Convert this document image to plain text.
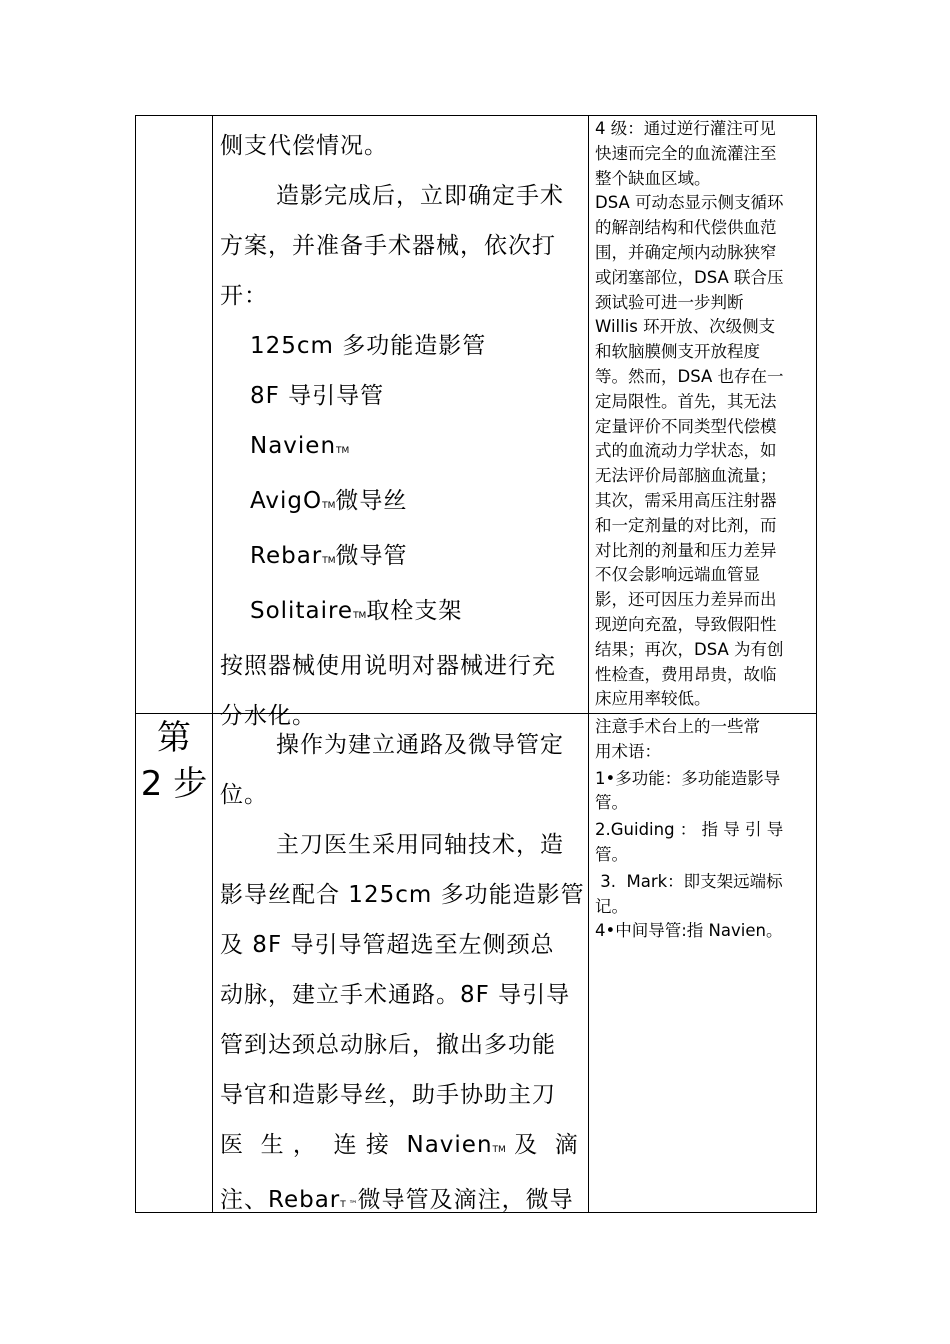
侧支代偿情况。

造影完成后，立即确定手术

方案，并准备手术器械，依次打

开：

125cm 多功能造影管

8F 导引导管

NavienTM

AvigOTM微导丝

RebarTM微导管

SolitaireTM取栓支架

按照器械使用说明对器械进行充

分水化。

4 级：通过逆行灌注可见

快速而完全的血流灌注至

整个缺血区域。

DSA 可动态显示侧支循环

的解剖结构和代偿供血范

围，并确定颅内动脉狭窄

或闭塞部位，DSA 联合压

颈试验可进一步判断

Willis 环开放、次级侧支

和软脑膜侧支开放程度

等。然而，DSA 也存在一

定局限性。首先，其无法

定量评价不同类型代偿模

式的血流动力学状态，如

无法评价局部脑血流量；

其次，需采用高压注射器

和一定剂量的对比剂，而

对比剂的剂量和压力差异

不仅会影响远端血管显

影，还可因压力差异而出

现逆向充盈，导致假阳性

结果；再次，DSA 为有创

性检查，费用昂贵，故临

床应用率较低。

第
2 步

操作为建立通路及微导管定

位。

主刀医生采用同轴技术，造

影导丝配合 125cm 多功能造影管

及 8F 导引导管超选至左侧颈总

动脉，建立手术通路。8F 导引导

管到达颈总动脉后，撤出多功能

导官和造影导丝，助手协助主刀

医  生 ，  连 接  NavienTM 及  滴

注、RebarT ™微导管及滴注，微导

注意手术台上的一些常

用术语：

1•多功能：多功能造影导

管。

2.Guiding ： 指 导 引 导

管。

3.  Mark：即支架远端标

记。

4•中间导管:指 Navien。
